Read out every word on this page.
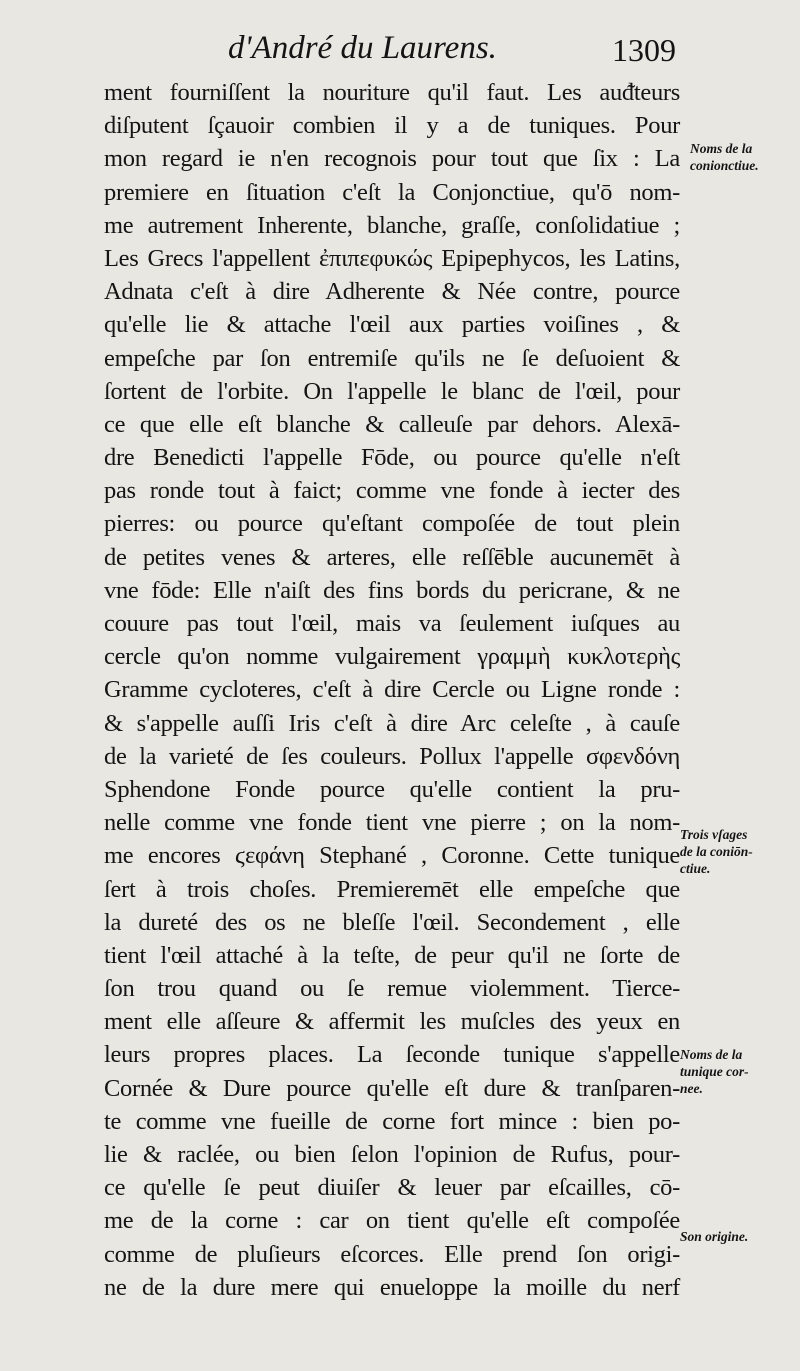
d'André du Laurens.	1309
ment fourniſſent la nouriture qu'il faut. Les auᵭteurs
diſputent ſçauoir combien il y a de tuniques. Pour
mon regard ie n'en recognois pour tout que ſix : La
premiere en ſituation c'eſt la Conjonctiue, qu'ō nom-
me autrement Inherente, blanche, graſſe, conſolidatiue ;
Les Grecs l'appellent ἐπιπεφυκώς Epipephycos, les Latins,
Adnata c'eſt à dire Adherente & Née contre, pource
qu'elle lie & attache l'œil aux parties voiſines , &
empeſche par ſon entremiſe qu'ils ne ſe deſuoient &
ſortent de l'orbite. On l'appelle le blanc de l'œil, pour
ce que elle eſt blanche & calleuſe par dehors. Alexā-
dre Benedicti l'appelle Fōde, ou pource qu'elle n'eſt
pas ronde tout à faict; comme vne fonde à iecter des
pierres: ou pource qu'eſtant compoſée de tout plein
de petites venes & arteres, elle reſſēble aucunemēt à
vne fōde: Elle n'aiſt des fins bords du pericrane, & ne
couure pas tout l'œil, mais va ſeulement iuſques au
cercle qu'on nomme vulgairement γραμμὴ κυκλοτερὴς
Gramme cycloteres, c'eſt à dire Cercle ou Ligne ronde :
& s'appelle auſſi Iris c'eſt à dire Arc celeſte , à cauſe
de la varieté de ſes couleurs. Pollux l'appelle σφενδόνη
Sphendone Fonde pource qu'elle contient la pru-
nelle comme vne fonde tient vne pierre ; on la nom-
me encores ϛεφάνη Stephané , Coronne. Cette tunique
ſert à trois choſes. Premieremēt elle empeſche que
la dureté des os ne bleſſe l'œil. Secondement , elle
tient l'œil attaché à la teſte, de peur qu'il ne ſorte de
ſon trou quand ou ſe remue violemment. Tierce-
ment elle aſſeure & affermit les muſcles des yeux en
leurs propres places. La ſeconde tunique s'appelle
Cornée & Dure pource qu'elle eſt dure & tranſparen-
te comme vne fueille de corne fort mince : bien po-
lie & raclée, ou bien ſelon l'opinion de Rufus, pour-
ce qu'elle ſe peut diuiſer & leuer par eſcailles, cō-
me de la corne : car on tient qu'elle eſt compoſée
comme de pluſieurs eſcorces. Elle prend ſon origi-
ne de la dure mere qui enueloppe la moille du nerf
Noms de la
conionctiue.
Trois vſages
de la coniōn-
ctiue.
Noms de la
tunique cor-
nee.
Son origine.
